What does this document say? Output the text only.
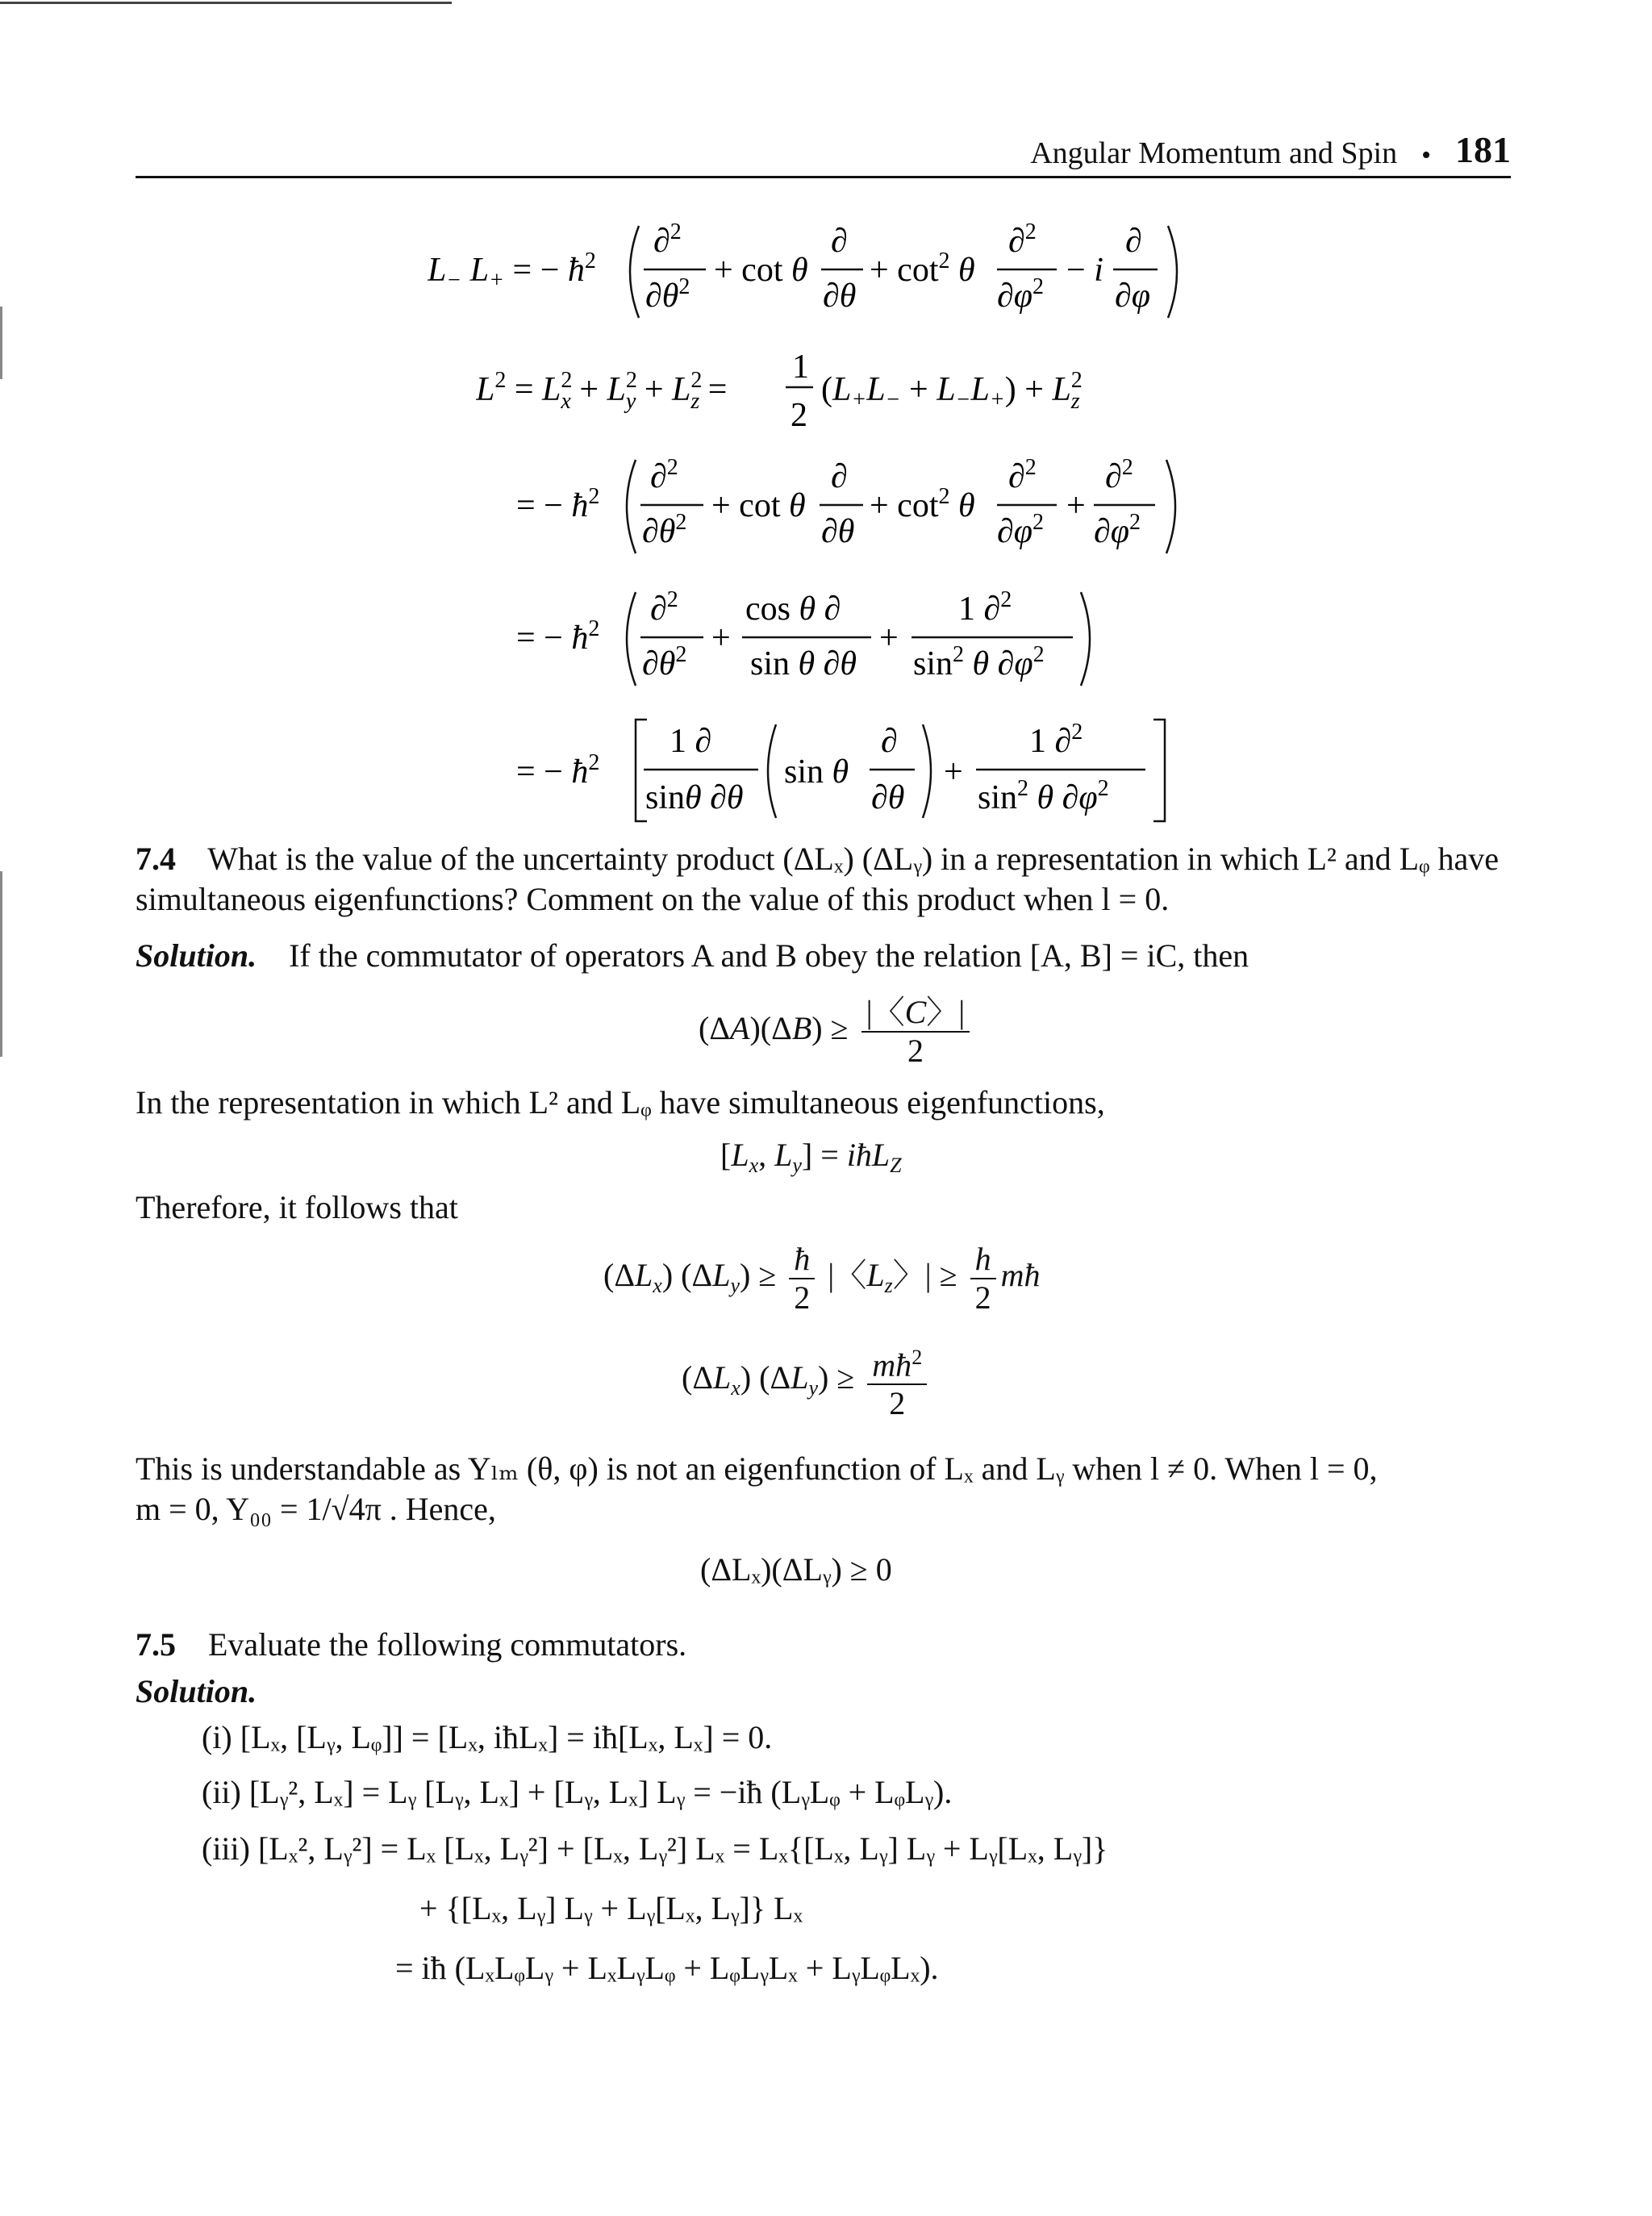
Angular Momentum and Spin • 181
L− L+ = − $ħ^2$
∂$^2$
$\partial\theta^2 + \cot \theta$
∂
∂θ
+ $\cot^2 \theta$
∂$^2$
$\partial\varphi^2 - i$
∂
∂φ
$L^2 = L^2$ $x + L^2$ $y + L^2$ z =
1
2
$(L+L- + L-L+) + L^2$ z
= − $ħ^2$
∂$^2$
$\partial\theta^2 + \cot \theta$
∂
∂θ
+ $\cot^2 \theta$
∂$^2$
$\partial\varphi^2$ +
∂$^2$
$\partial\varphi^2$
= − $ħ^2$
∂$^2$
$\partial\theta^2$ +
cos θ ∂
sin θ ∂θ
+
1 ∂$^2$
$\sin^2 \theta$ $\partial\varphi^2$
= − $ħ^2$
1 ∂
sinθ ∂θ
sin θ
∂
∂θ
+
1 ∂$^2$
$\sin^2 \theta$ $\partial\varphi^2$
7.4 What is the value of the uncertainty product (ΔLₓ) (ΔLᵧ) in a representation in which L² and Lᵩ have simultaneous eigenfunctions? Comment on the value of this product when l = 0.
Solution. If the commutator of operators A and B obey the relation [A, B] = iC, then
$(\Delta A)(\Delta B) \ge \frac{|〈C〉|}{2}$
In the representation in which L² and Lᵩ have simultaneous eigenfunctions,
[$L_x$, $L_y$] = iħL$_Z$
Therefore, it follows that
$(\Delta L_x) (\Delta L_y) \ge \frac{ħ}{2}$ |〈$L_z$〉| ≥ $\frac{h}{2}$ mħ
$(\Delta L_x) (\Delta L_y) \ge \frac{mħ^2}{2}$
This is understandable as Yₗₘ (θ, φ) is not an eigenfunction of Lₓ and Lᵧ when l ≠ 0. When l = 0,
m = 0, Y₀₀ = 1/√4π . Hence,
(ΔLₓ)(ΔLᵧ) ≥ 0
7.5 Evaluate the following commutators.
Solution.
(i) [Lₓ, [Lᵧ, Lᵩ]] = [Lₓ, iħLₓ] = iħ[Lₓ, Lₓ] = 0.
(ii) [Lᵧ², Lₓ] = Lᵧ [Lᵧ, Lₓ] + [Lᵧ, Lₓ] Lᵧ = −iħ (LᵧLᵩ + LᵩLᵧ).
(iii) [Lₓ², Lᵧ²] = Lₓ [Lₓ, Lᵧ²] + [Lₓ, Lᵧ²] Lₓ = Lₓ{[Lₓ, Lᵧ] Lᵧ + Lᵧ[Lₓ, Lᵧ]}
+ {[Lₓ, Lᵧ] Lᵧ + Lᵧ[Lₓ, Lᵧ]} Lₓ
= iħ (LₓLᵩLᵧ + LₓLᵧLᵩ + LᵩLᵧLₓ + LᵧLᵩLₓ).
